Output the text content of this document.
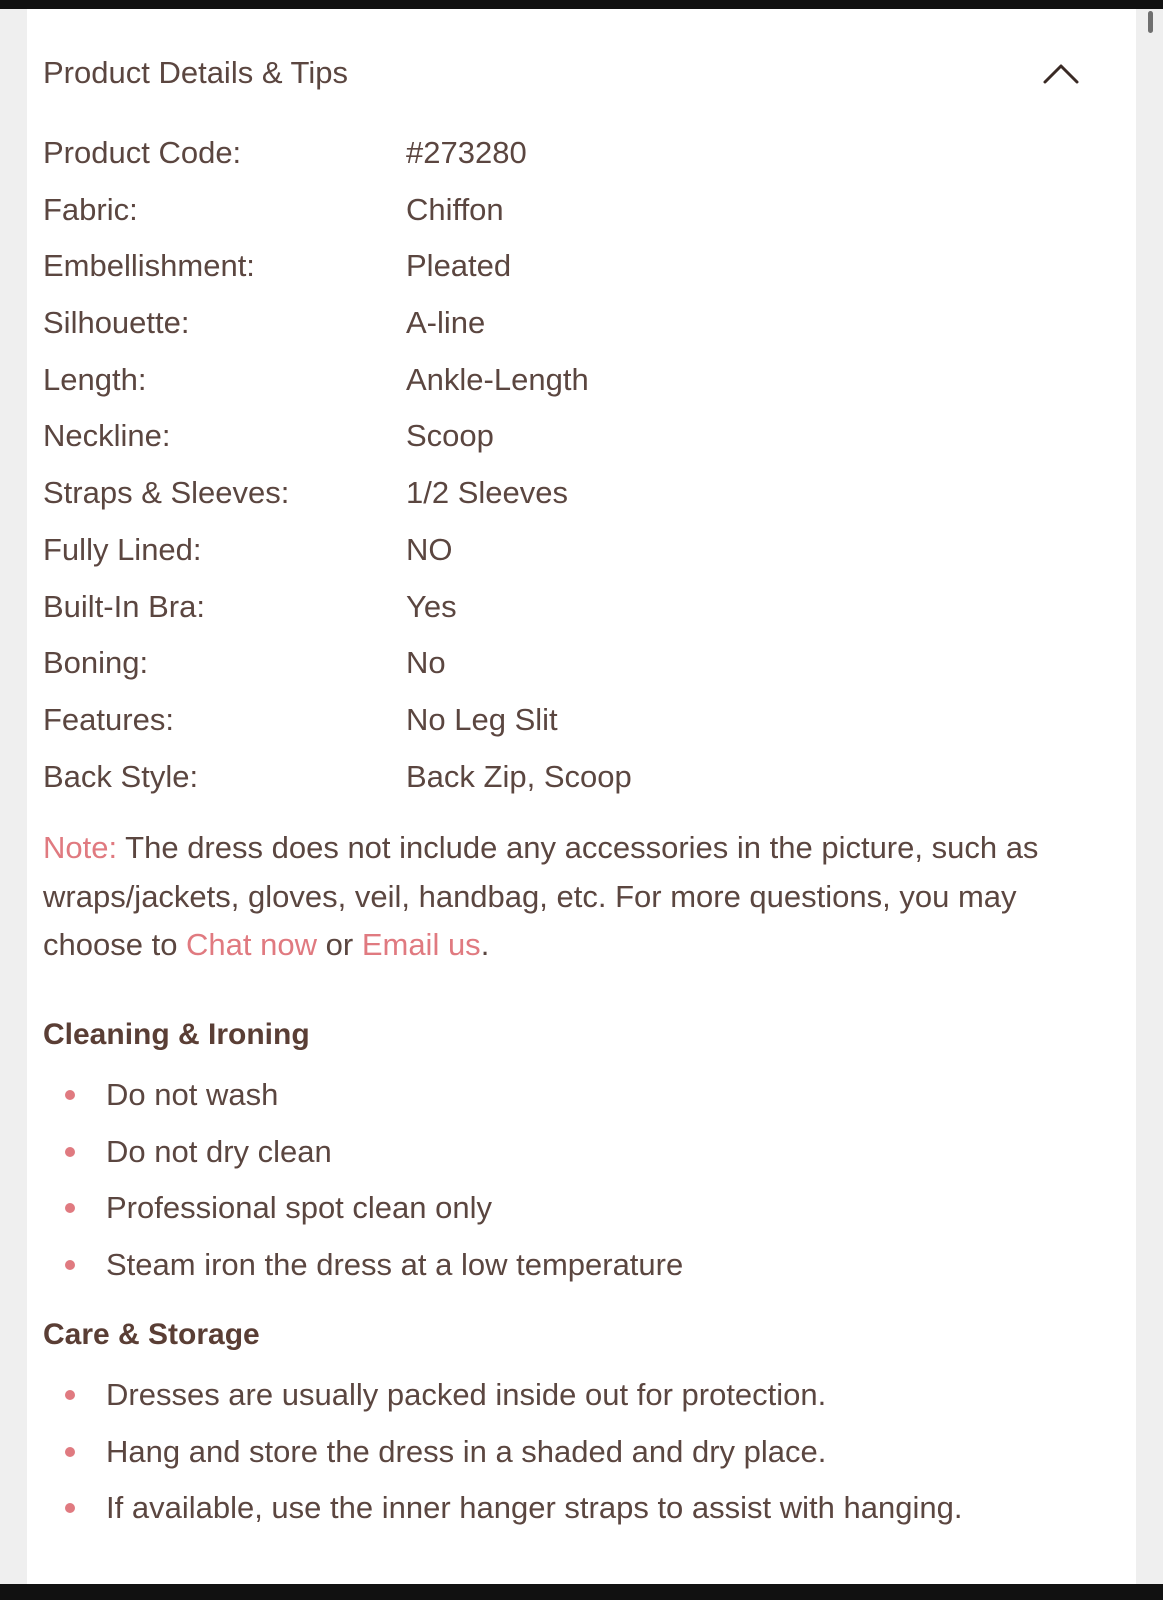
Product Details & Tips
Product Code:	#273280
Fabric:	Chiffon
Embellishment:	Pleated
Silhouette:	A-line
Length:	Ankle-Length
Neckline:	Scoop
Straps & Sleeves:	1/2 Sleeves
Fully Lined:	NO
Built-In Bra:	Yes
Boning:	No
Features:	No Leg Slit
Back Style:	Back Zip, Scoop
Note: The dress does not include any accessories in the picture, such as wraps/jackets, gloves, veil, handbag, etc. For more questions, you may choose to Chat now or Email us.
Cleaning & Ironing
Do not wash
Do not dry clean
Professional spot clean only
Steam iron the dress at a low temperature
Care & Storage
Dresses are usually packed inside out for protection.
Hang and store the dress in a shaded and dry place.
If available, use the inner hanger straps to assist with hanging.
